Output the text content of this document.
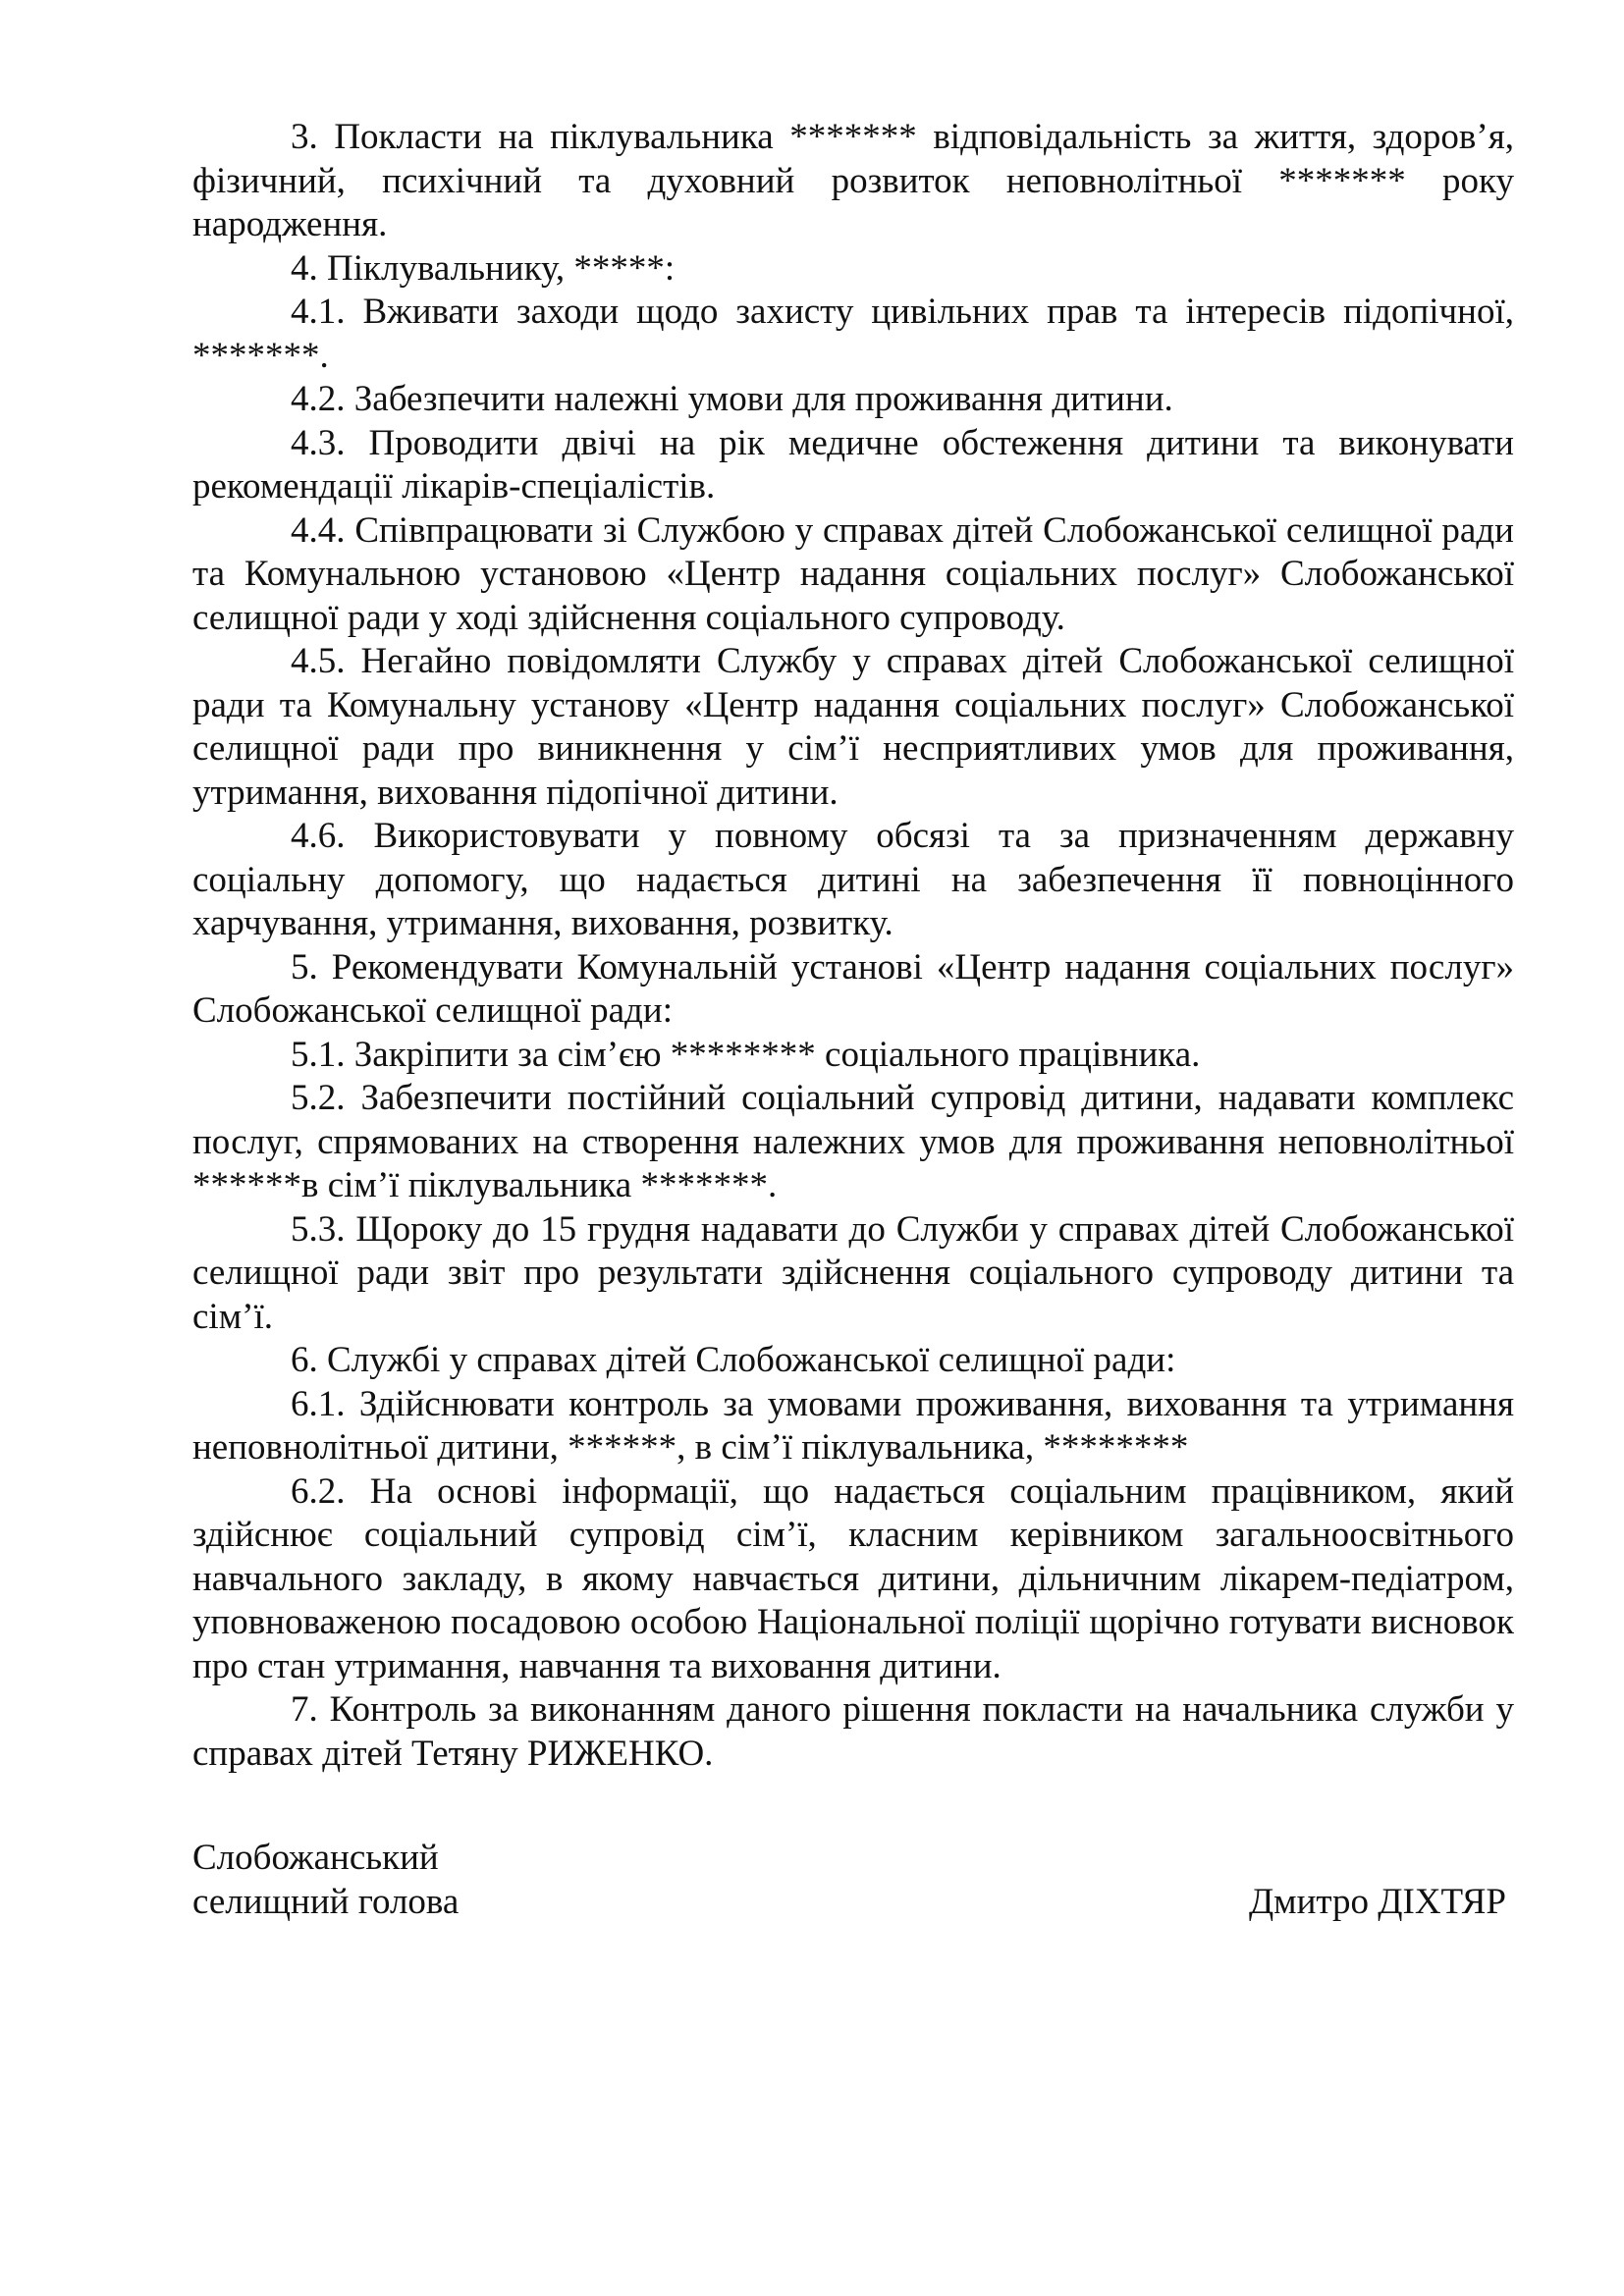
3. Покласти на піклувальника ******* відповідальність за життя, здоров’я, фізичний, психічний та духовний розвиток неповнолітньої ******* року народження.

4. Піклувальнику, *****:

4.1. Вживати заходи щодо захисту цивільних прав та інтересів підопічної, *******.

4.2. Забезпечити належні умови для проживання дитини.

4.3. Проводити двічі на рік медичне обстеження дитини та виконувати рекомендації лікарів-спеціалістів.

4.4. Співпрацювати зі Службою у справах дітей Слобожанської селищної ради та Комунальною установою «Центр надання соціальних послуг» Слобожанської селищної ради у ході здійснення соціального супроводу.

4.5. Негайно повідомляти Службу у справах дітей Слобожанської селищної ради та Комунальну установу «Центр надання соціальних послуг» Слобожанської селищної ради про виникнення у сім’ї несприятливих умов для проживання, утримання, виховання підопічної дитини.

4.6. Використовувати у повному обсязі та за призначенням державну соціальну допомогу, що надається дитині на забезпечення її повноцінного харчування, утримання, виховання, розвитку.

5. Рекомендувати Комунальній установі «Центр надання соціальних послуг» Слобожанської селищної ради:

5.1. Закріпити за сім’єю ******** соціального працівника.

5.2. Забезпечити постійний соціальний супровід дитини, надавати комплекс послуг, спрямованих на створення належних умов для проживання неповнолітньої ******в сім’ї піклувальника *******.

5.3. Щороку до 15 грудня надавати до Служби у справах дітей Слобожанської селищної ради звіт про результати здійснення соціального супроводу дитини та сім’ї.

6. Службі у справах дітей Слобожанської селищної ради:

6.1. Здійснювати контроль за умовами проживання, виховання та утримання неповнолітньої дитини, ******, в сім’ї піклувальника, ********

6.2. На основі інформації, що надається соціальним працівником, який здійснює соціальний супровід сім’ї, класним керівником загальноосвітнього навчального закладу, в якому навчається дитини, дільничним лікарем-педіатром, уповноваженою посадовою особою Національної поліції щорічно готувати висновок про стан утримання, навчання та виховання дитини.

7. Контроль за виконанням даного рішення покласти на начальника служби у справах дітей Тетяну РИЖЕНКО.

Слобожанський
селищний голова	Дмитро ДІХТЯР
